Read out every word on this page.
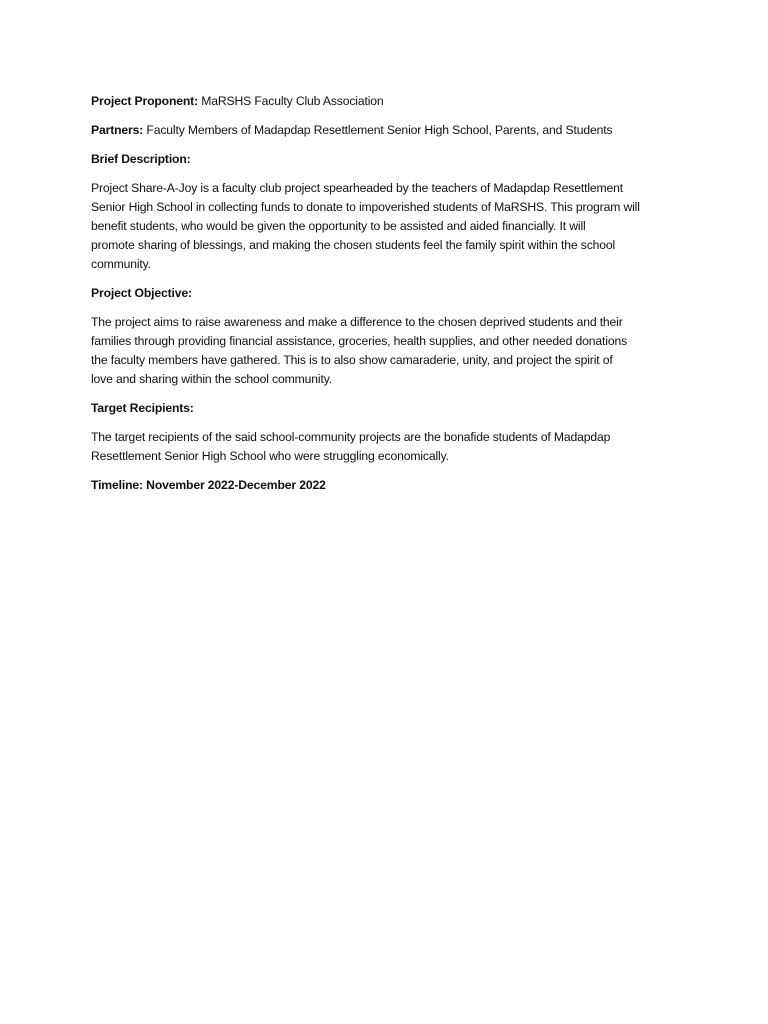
Project Proponent: MaRSHS Faculty Club Association

Partners: Faculty Members of Madapdap Resettlement Senior High School, Parents, and Students

Brief Description:

Project Share-A-Joy is a faculty club project spearheaded by the teachers of Madapdap Resettlement
Senior High School in collecting funds to donate to impoverished students of MaRSHS. This program will
benefit students, who would be given the opportunity to be assisted and aided financially. It will
promote sharing of blessings, and making the chosen students feel the family spirit within the school
community.

Project Objective:

The project aims to raise awareness and make a difference to the chosen deprived students and their
families through providing financial assistance, groceries, health supplies, and other needed donations
the faculty members have gathered. This is to also show camaraderie, unity, and project the spirit of
love and sharing within the school community.

Target Recipients:

The target recipients of the said school-community projects are the bonafide students of Madapdap
Resettlement Senior High School who were struggling economically.

Timeline: November 2022-December 2022
